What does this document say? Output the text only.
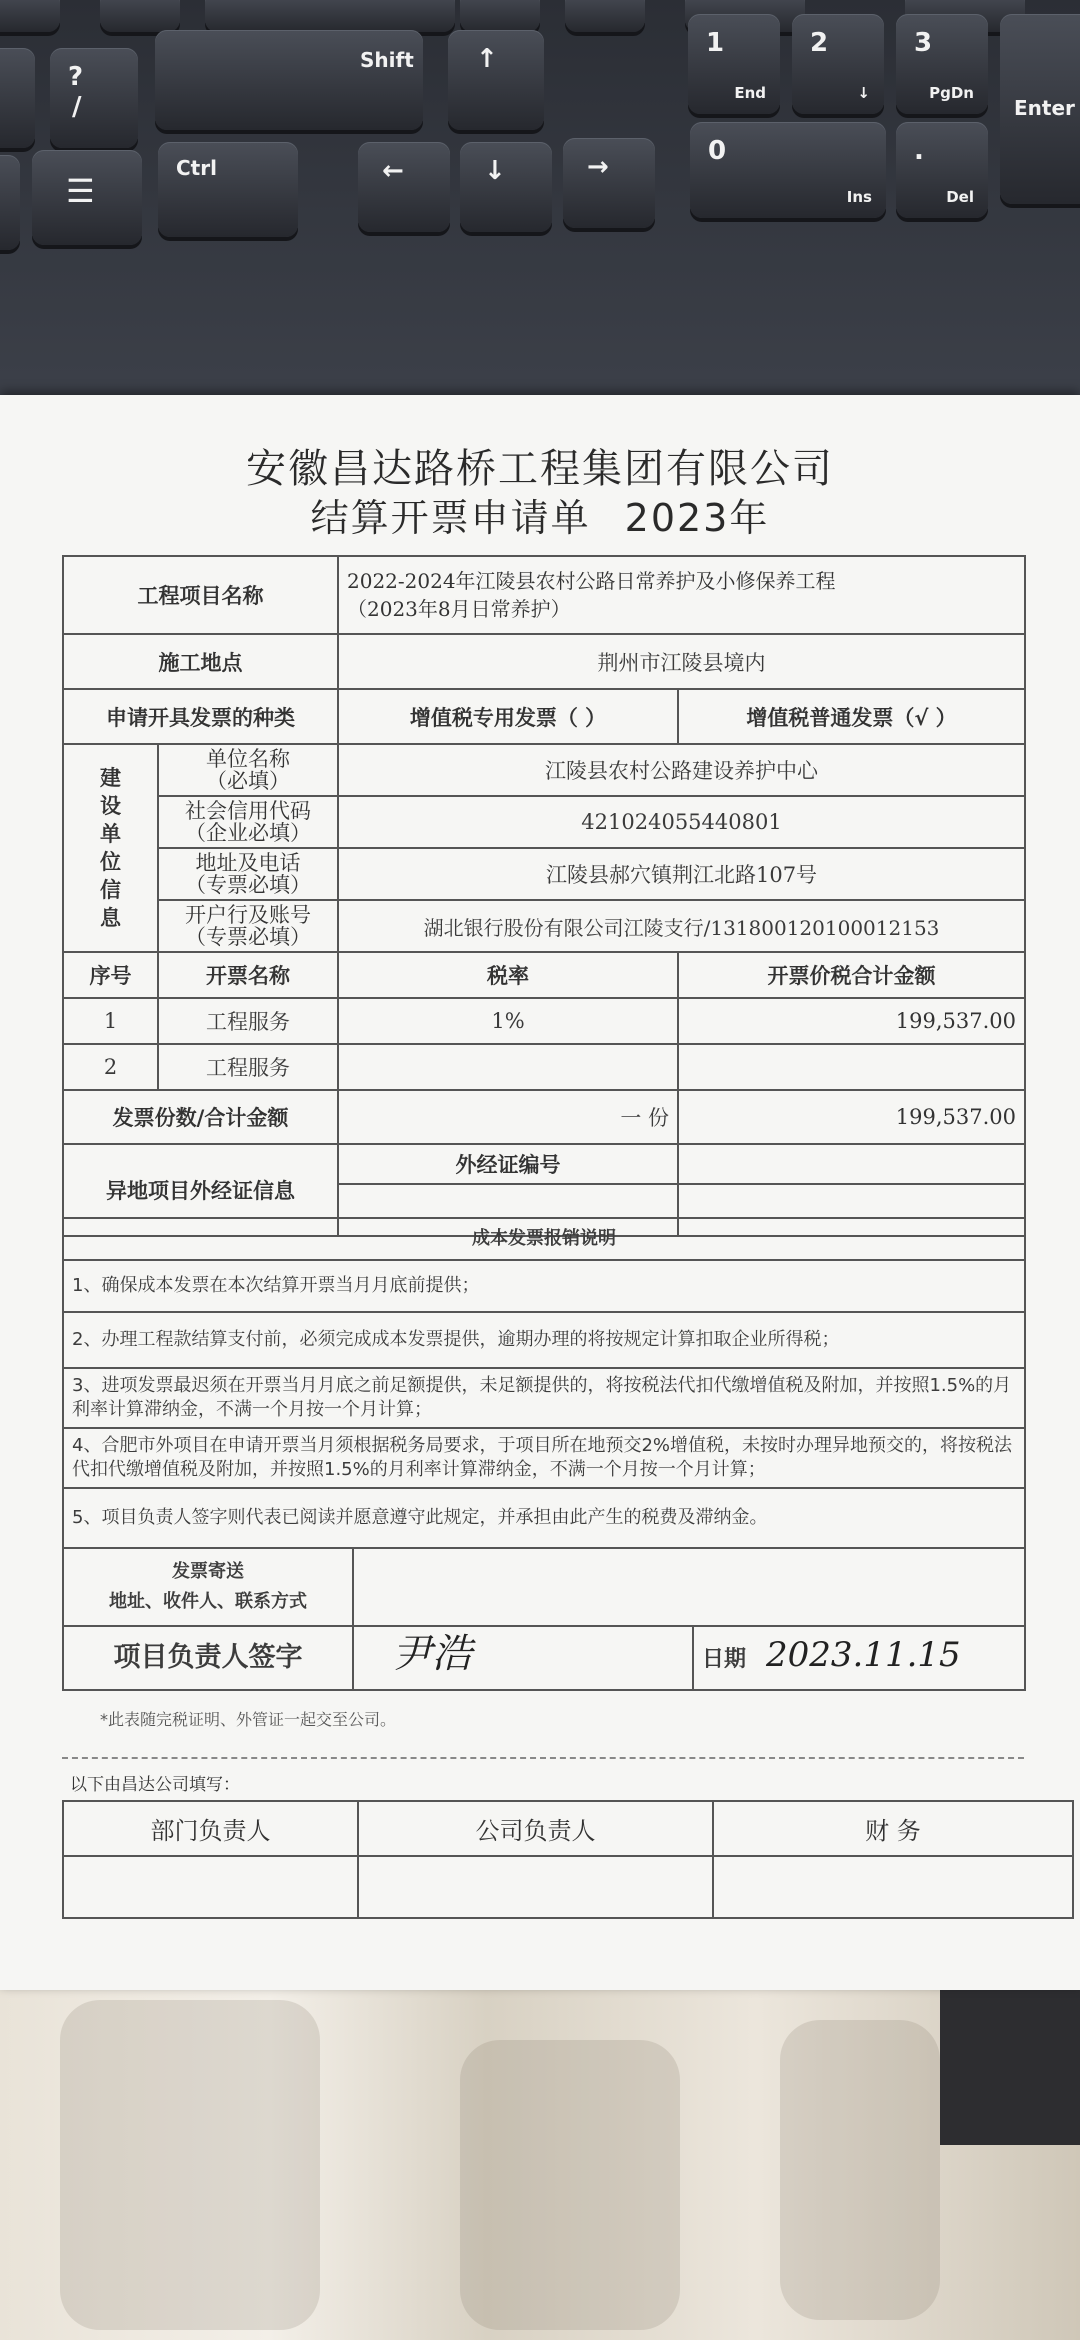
?
/
Shift ↑
1
End
2
↓
3
PgDn
Enter
☰
Ctrl	←	↓	→
0
Ins
.
Del
安徽昌达路桥工程集团有限公司
结算开票申请单 2023年
工程项目名称		2022-2024年江陵县农村公路日常养护及小修保养工程
（2023年8月日常养护）	

施工地点		荆州市江陵县境内	
申请开具发票的种类		增值税专用发票（ ）	增值税普通发票（√ ）

建设单位信息	单位名称
（必填）	江陵县农村公路建设养护中心	

	社会信用代码
（企业必填）	421024055440801	

	地址及电话
（专票必填）	江陵县郝穴镇荆江北路107号	

	开户行及账号
（专票必填）	湖北银行股份有限公司江陵支行/131800120100012153	
序号	开票名称	税率	开票价税合计金额
1	工程服务	1%	199,537.00
2	工程服务		
发票份数/合计金额		一 份	199,537.00
异地项目外经证信息		外经证编号	

成本发票报销说明		
1、确保成本发票在本次结算开票当月月底前提供；		
2、办理工程款结算支付前，必须完成成本发票提供，逾期办理的将按规定计算扣取企业所得税；		
3、进项发票最迟须在开票当月月底之前足额提供，未足额提供的，将按税法代扣代缴增值税及附加，并按照1.5%的月利率计算滞纳金，不满一个月按一个月计算；		
4、合肥市外项目在申请开票当月须根据税务局要求，于项目所在地预交2%增值税，未按时办理异地预交的，将按税法代扣代缴增值税及附加，并按照1.5%的月利率计算滞纳金，不满一个月按一个月计算；		
5、项目负责人签字则代表已阅读并愿意遵守此规定，并承担由此产生的税费及滞纳金。		

发票寄送
地址、收件人、联系方式		

项目负责人签字	尹浩	日期 2023.11.15
*此表随完税证明、外管证一起交至公司。
以下由昌达公司填写：
部门负责人	公司负责人	财 务
